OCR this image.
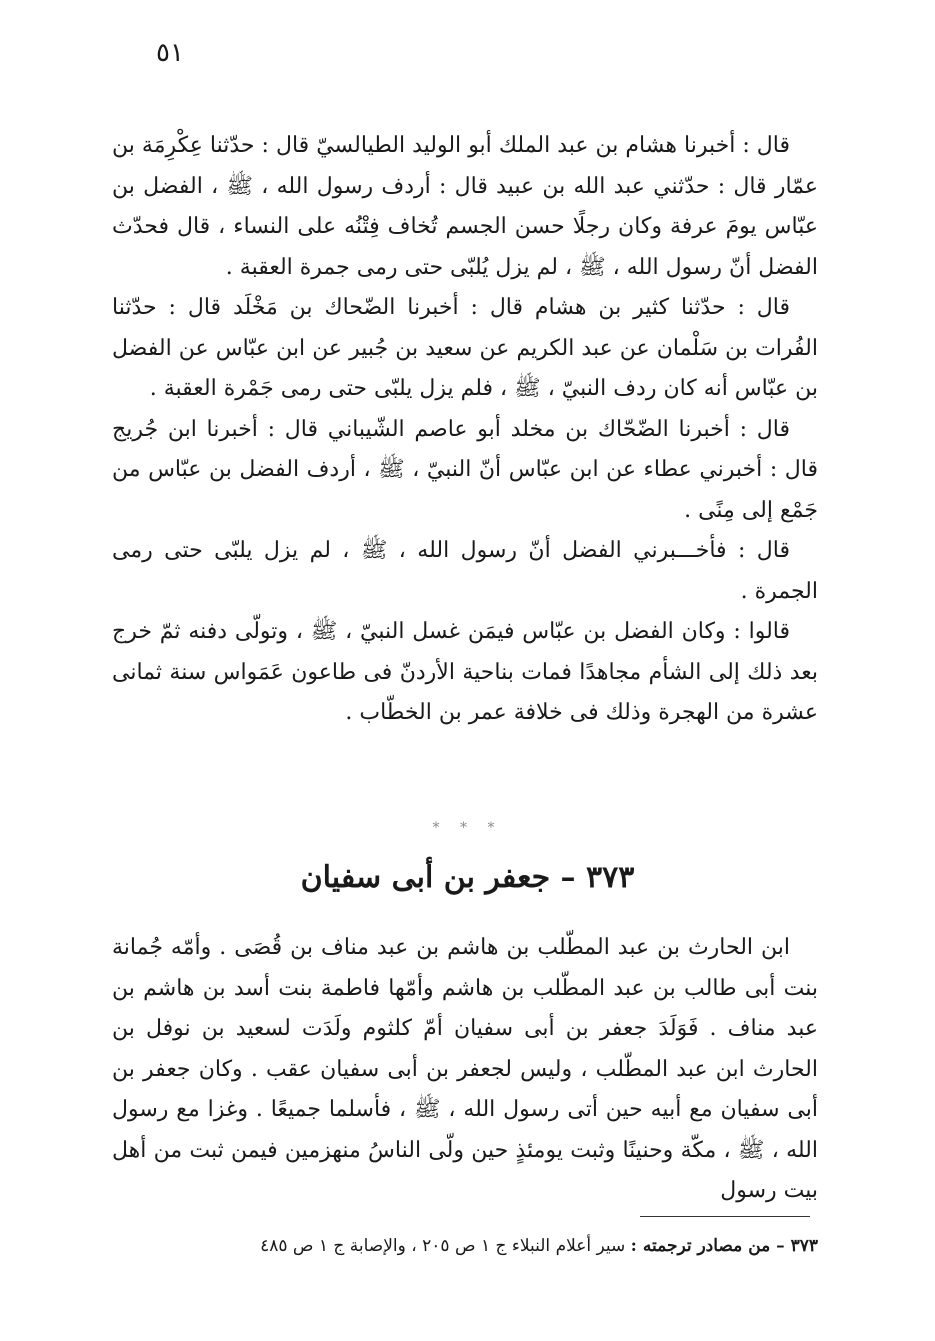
٥١

قال : أخبرنا هشام بن عبد الملك أبو الوليد الطيالسيّ قال : حدّثنا عِكْرِمَة بن عمّار قال : حدّثني عبد الله بن عبيد قال : أردف رسول الله ، ﷺ ، الفضل بن عبّاس يومَ عرفة وكان رجلًا حسن الجسم تُخاف فِتْنُه على النساء ، قال فحدّث الفضل أنّ رسول الله ، ﷺ ، لم يزل يُلبّى حتى رمى جمرة العقبة .

قال : حدّثنا كثير بن هشام قال : أخبرنا الضّحاك بن مَخْلَد قال : حدّثنا الفُرات بن سَلْمان عن عبد الكريم عن سعيد بن جُبير عن ابن عبّاس عن الفضل بن عبّاس أنه كان ردف النبيّ ، ﷺ ، فلم يزل يلبّى حتى رمى جَمْرة العقبة .

قال : أخبرنا الضّحّاك بن مخلد أبو عاصم الشّيباني قال : أخبرنا ابن جُريج قال : أخبرني عطاء عن ابن عبّاس أنّ النبيّ ، ﷺ ، أردف الفضل بن عبّاس من جَمْع إلى مِنًى .

قال : فأخـــبرني الفضل أنّ رسول الله ، ﷺ ، لم يزل يلبّى حتى رمى الجمرة .

قالوا : وكان الفضل بن عبّاس فيمَن غسل النبيّ ، ﷺ ، وتولّى دفنه ثمّ خرج بعد ذلك إلى الشأم مجاهدًا فمات بناحية الأردنّ فى طاعون عَمَواس سنة ثمانى عشرة من الهجرة وذلك فى خلافة عمر بن الخطّاب .

* * *
٣٧٣ – جعفر بن أبى سفيان

ابن الحارث بن عبد المطّلب بن هاشم بن عبد مناف بن قُصَى . وأمّه جُمانة بنت أبى طالب بن عبد المطّلب بن هاشم وأمّها فاطمة بنت أسد بن هاشم بن عبد مناف . فَوَلَدَ جعفر بن أبى سفيان أمّ كلثوم ولَدَت لسعيد بن نوفل بن الحارث ابن عبد المطّلب ، وليس لجعفر بن أبى سفيان عقب . وكان جعفر بن أبى سفيان مع أبيه حين أتى رسول الله ، ﷺ ، فأسلما جميعًا . وغزا مع رسول الله ، ﷺ ، مكّة وحنينًا وثبت يومئذٍ حين ولّى الناسُ منهزمين فيمن ثبت من أهل بيت رسول

٣٧٣ – من مصادر ترجمته : سير أعلام النبلاء ج ١ ص ٢٠٥ ، والإصابة ج ١ ص ٤٨٥
